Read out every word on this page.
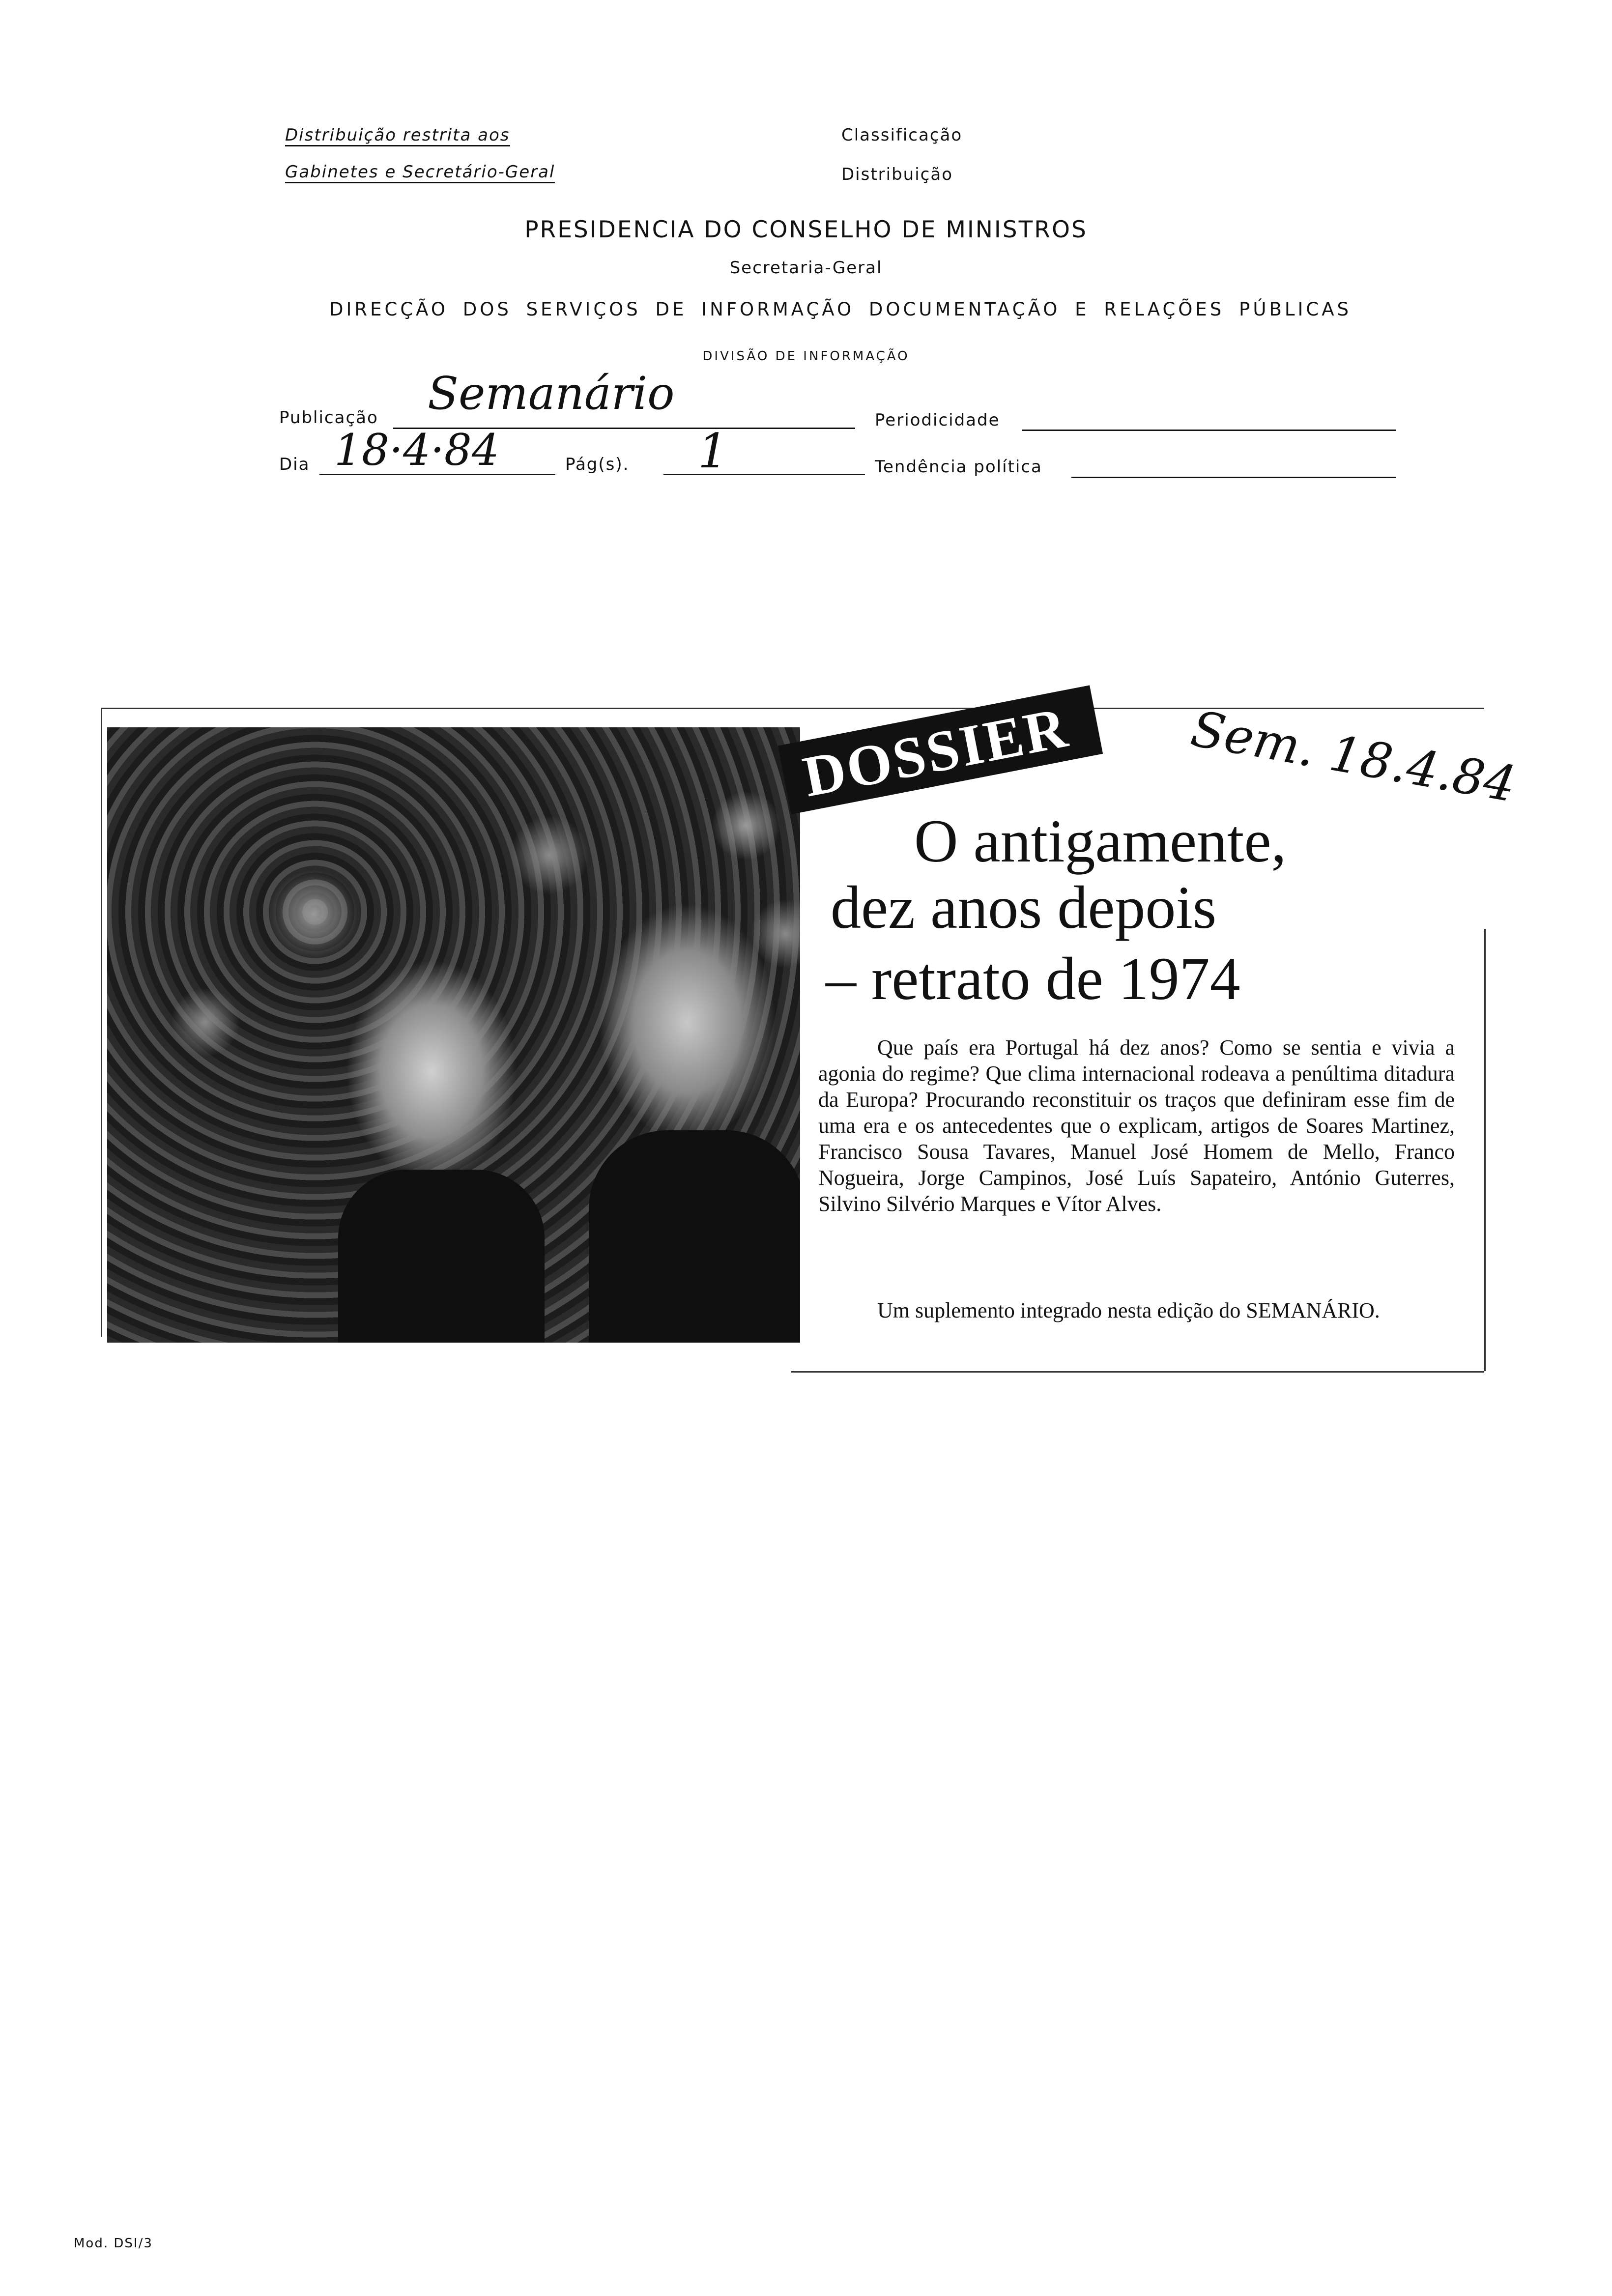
Distribuição restrita aos
Gabinetes e Secretário-Geral
Classificação
Distribuição
PRESIDENCIA DO CONSELHO DE MINISTROS
Secretaria-Geral
DIRECÇÃO DOS SERVIÇOS DE INFORMAÇÃO DOCUMENTAÇÃO E RELAÇÕES PÚBLICAS
DIVISÃO DE INFORMAÇÃO
Publicação Semanário
Periodicidade
Dia 18·4·84	Pág(s). 1	Tendência política
DOSSIER	Sem. 18.4.84
O antigamente,
dez anos depois
– retrato de 1974
Que país era Portugal há dez anos? Como se sentia e vivia a agonia do regime? Que clima internacional rodeava a penúltima ditadura da Europa? Procurando reconstituir os traços que definiram esse fim de uma era e os antecedentes que o explicam, artigos de Soares Martinez, Francisco Sousa Tavares, Manuel José Homem de Mello, Franco Nogueira, Jorge Campinos, José Luís Sapateiro, António Guterres, Silvino Silvério Marques e Vítor Alves.
Um suplemento integrado nesta edição do SEMANÁRIO.
Mod. DSI/3
